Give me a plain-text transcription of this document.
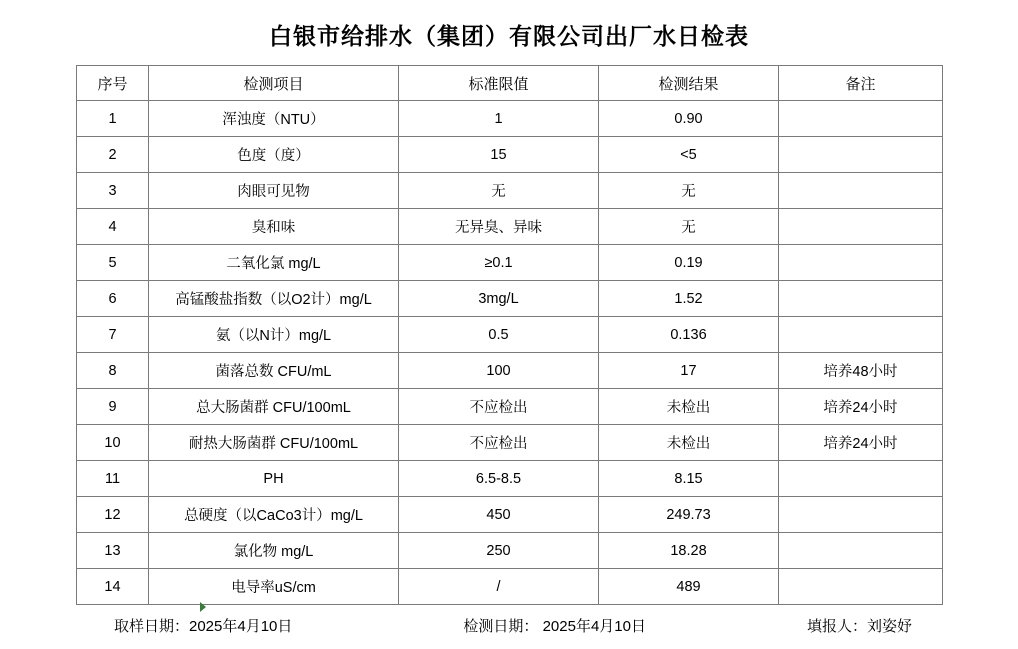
白银市给排水（集团）有限公司出厂水日检表
序号	检测项目	标准限值	检测结果	备注
1	浑浊度（NTU）	1	0.90	
2	色度（度）	15	<5	
3	肉眼可见物	无	无	
4	臭和味	无异臭、异味	无	
5	二氧化氯 mg/L	≥0.1	0.19	
6	高锰酸盐指数（以O2计）mg/L	3mg/L	1.52	
7	氨（以N计）mg/L	0.5	0.136	
8	菌落总数 CFU/mL	100	17	培养48小时
9	总大肠菌群 CFU/100mL	不应检出	未检出	培养24小时
10	耐热大肠菌群 CFU/100mL	不应检出	未检出	培养24小时
11	PH	6.5-8.5	8.15	
12	总硬度（以CaCo3计）mg/L	450	249.73	
13	氯化物 mg/L	250	18.28	
14	电导率uS/cm	/	489	
取样日期：2025年4月10日	检测日期： 2025年4月10日	填报人：刘姿妤
